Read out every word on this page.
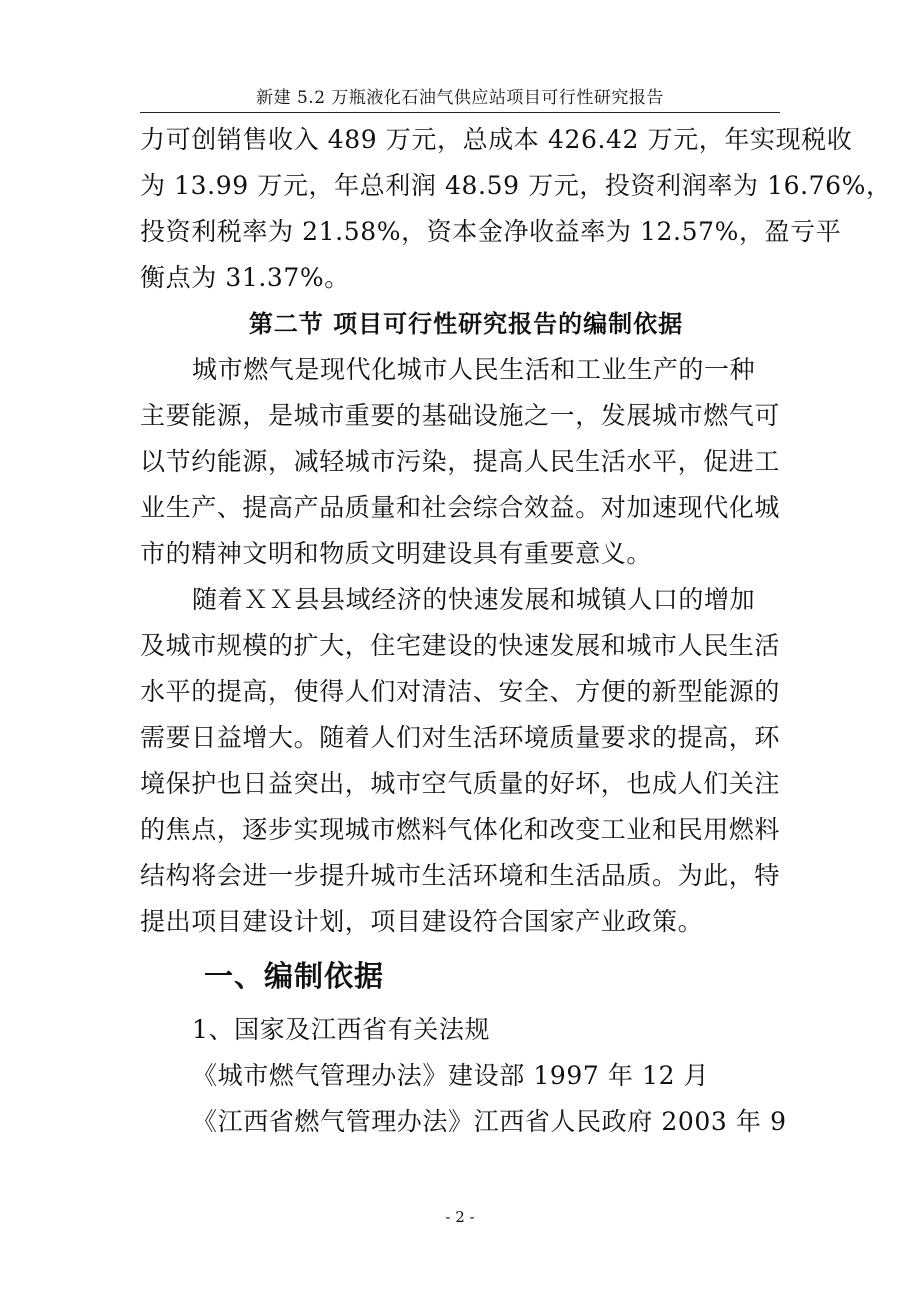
新建 5.2 万瓶液化石油气供应站项目可行性研究报告
力可创销售收入 489 万元，总成本 426.42 万元，年实现税收
为 13.99 万元，年总利润 48.59 万元，投资利润率为 16.76%，
投资利税率为 21.58%，资本金净收益率为 12.57%，盈亏平
衡点为 31.37%。
第二节 项目可行性研究报告的编制依据
城市燃气是现代化城市人民生活和工业生产的一种
主要能源，是城市重要的基础设施之一，发展城市燃气可
以节约能源，减轻城市污染，提高人民生活水平，促进工
业生产、提高产品质量和社会综合效益。对加速现代化城
市的精神文明和物质文明建设具有重要意义。
随着ＸＸ县县域经济的快速发展和城镇人口的增加
及城市规模的扩大，住宅建设的快速发展和城市人民生活
水平的提高，使得人们对清洁、安全、方便的新型能源的
需要日益增大。随着人们对生活环境质量要求的提高，环
境保护也日益突出，城市空气质量的好坏，也成人们关注
的焦点，逐步实现城市燃料气体化和改变工业和民用燃料
结构将会进一步提升城市生活环境和生活品质。为此，特
提出项目建设计划，项目建设符合国家产业政策。
一、编制依据
1、国家及江西省有关法规
《城市燃气管理办法》建设部 1997 年 12 月
《江西省燃气管理办法》江西省人民政府 2003 年 9
- 2 -
